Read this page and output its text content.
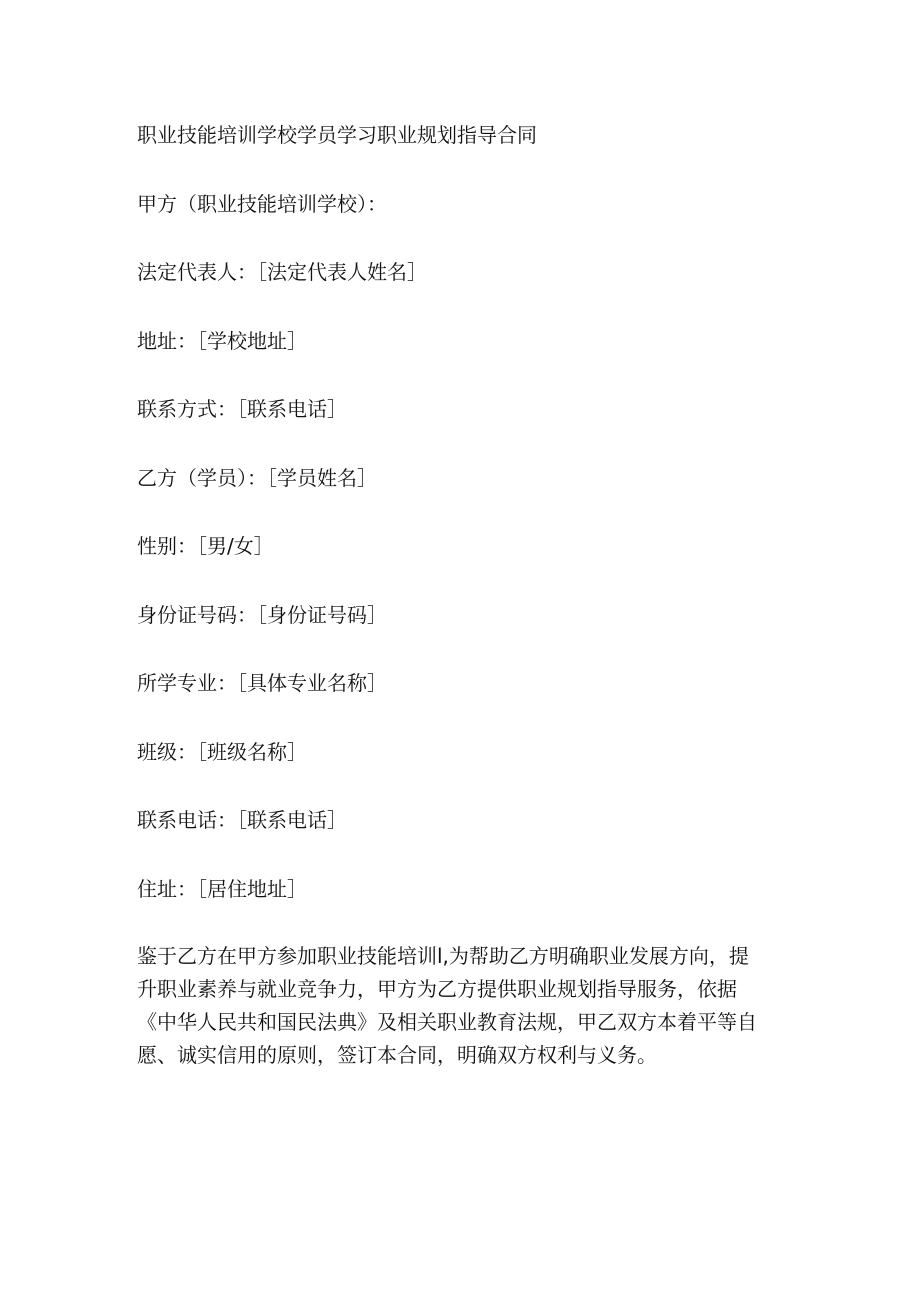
职业技能培训学校学员学习职业规划指导合同

甲方（职业技能培训学校）：

法定代表人：［法定代表人姓名］

地址：［学校地址］

联系方式：［联系电话］

乙方（学员）：［学员姓名］

性别：［男/女］

身份证号码：［身份证号码］

所学专业：［具体专业名称］

班级：［班级名称］

联系电话：［联系电话］

住址：［居住地址］

鉴于乙方在甲方参加职业技能培训l,为帮助乙方明确职业发展方向，提
升职业素养与就业竞争力，甲方为乙方提供职业规划指导服务，依据
《中华人民共和国民法典》及相关职业教育法规，甲乙双方本着平等自
愿、诚实信用的原则，签订本合同，明确双方权利与义务。
